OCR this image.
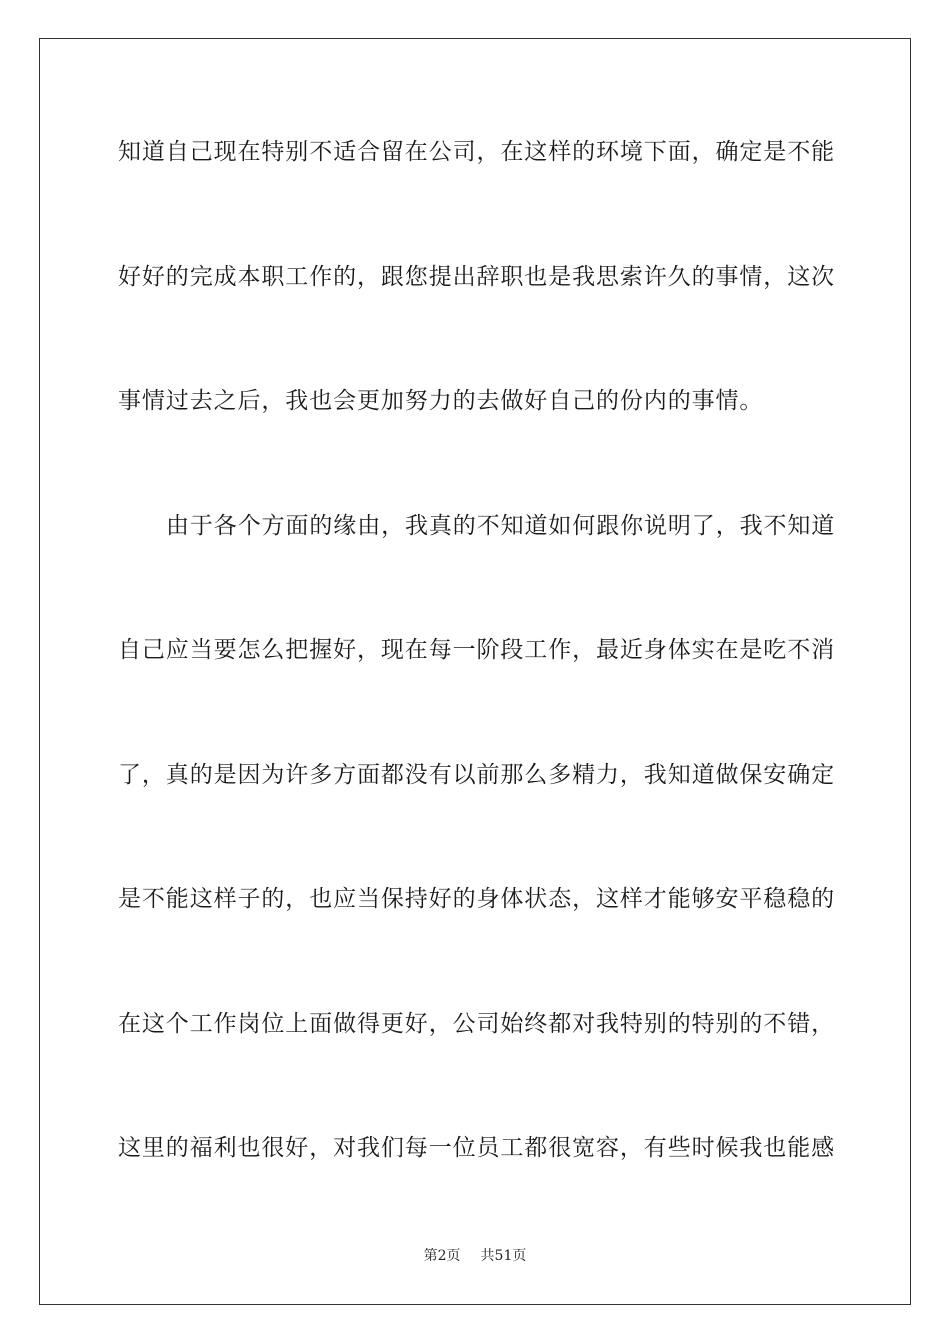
知道自己现在特别不适合留在公司，在这样的环境下面，确定是不能
好好的完成本职工作的，跟您提出辞职也是我思索许久的事情，这次
事情过去之后，我也会更加努力的去做好自己的份内的事情。
由于各个方面的缘由，我真的不知道如何跟你说明了，我不知道
自己应当要怎么把握好，现在每一阶段工作，最近身体实在是吃不消
了，真的是因为许多方面都没有以前那么多精力，我知道做保安确定
是不能这样子的，也应当保持好的身体状态，这样才能够安平稳稳的
在这个工作岗位上面做得更好，公司始终都对我特别的特别的不错，
这里的福利也很好，对我们每一位员工都很宽容，有些时候我也能感
第2页 共51页
